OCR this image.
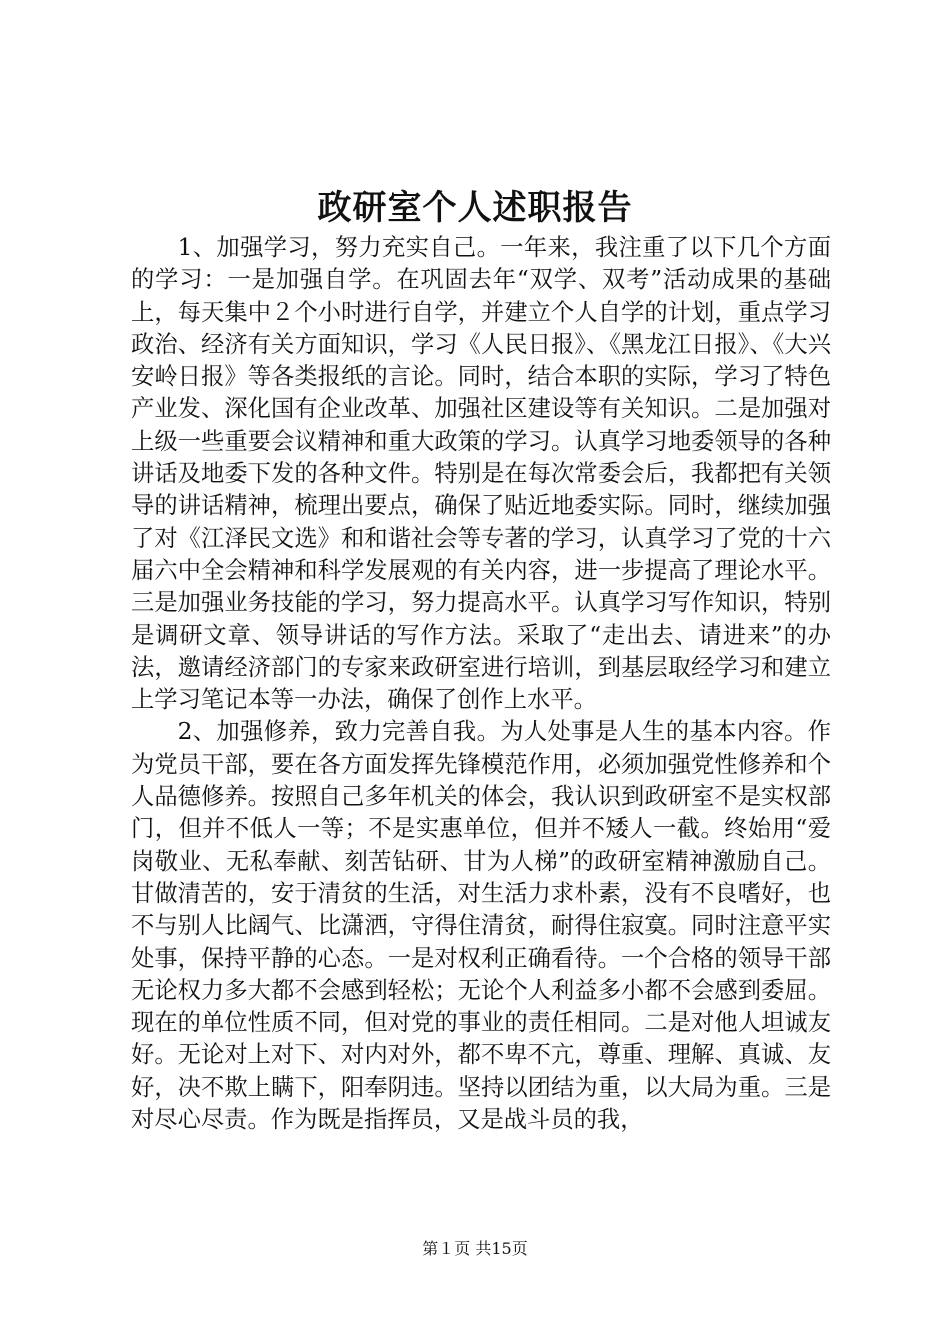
政研室个人述职报告

1、加强学习，努力充实自己。一年来，我注重了以下几个方面的学习：一是加强自学。在巩固去年“双学、双考”活动成果的基础上，每天集中２个小时进行自学，并建立个人自学的计划，重点学习政治、经济有关方面知识，学习《人民日报》、《黑龙江日报》、《大兴安岭日报》等各类报纸的言论。同时，结合本职的实际，学习了特色产业发、深化国有企业改革、加强社区建设等有关知识。二是加强对上级一些重要会议精神和重大政策的学习。认真学习地委领导的各种讲话及地委下发的各种文件。特别是在每次常委会后，我都把有关领导的讲话精神，梳理出要点，确保了贴近地委实际。同时，继续加强了对《江泽民文选》和和谐社会等专著的学习，认真学习了党的十六届六中全会精神和科学发展观的有关内容，进一步提高了理论水平。三是加强业务技能的学习，努力提高水平。认真学习写作知识，特别是调研文章、领导讲话的写作方法。采取了“走出去、请进来”的办法，邀请经济部门的专家来政研室进行培训，到基层取经学习和建立上学习笔记本等一办法，确保了创作上水平。

2、加强修养，致力完善自我。为人处事是人生的基本内容。作为党员干部，要在各方面发挥先锋模范作用，必须加强党性修养和个人品德修养。按照自己多年机关的体会，我认识到政研室不是实权部门，但并不低人一等；不是实惠单位，但并不矮人一截。终始用“爱岗敬业、无私奉献、刻苦钻研、甘为人梯”的政研室精神激励自己。甘做清苦的，安于清贫的生活，对生活力求朴素，没有不良嗜好，也不与别人比阔气、比潇洒，守得住清贫，耐得住寂寞。同时注意平实处事，保持平静的心态。一是对权利正确看待。一个合格的领导干部无论权力多大都不会感到轻松；无论个人利益多小都不会感到委屈。现在的单位性质不同，但对党的事业的责任相同。二是对他人坦诚友好。无论对上对下、对内对外，都不卑不亢，尊重、理解、真诚、友好，决不欺上瞒下，阳奉阴违。坚持以团结为重，以大局为重。三是对尽心尽责。作为既是指挥员，又是战斗员的我，

第１页 共15页
